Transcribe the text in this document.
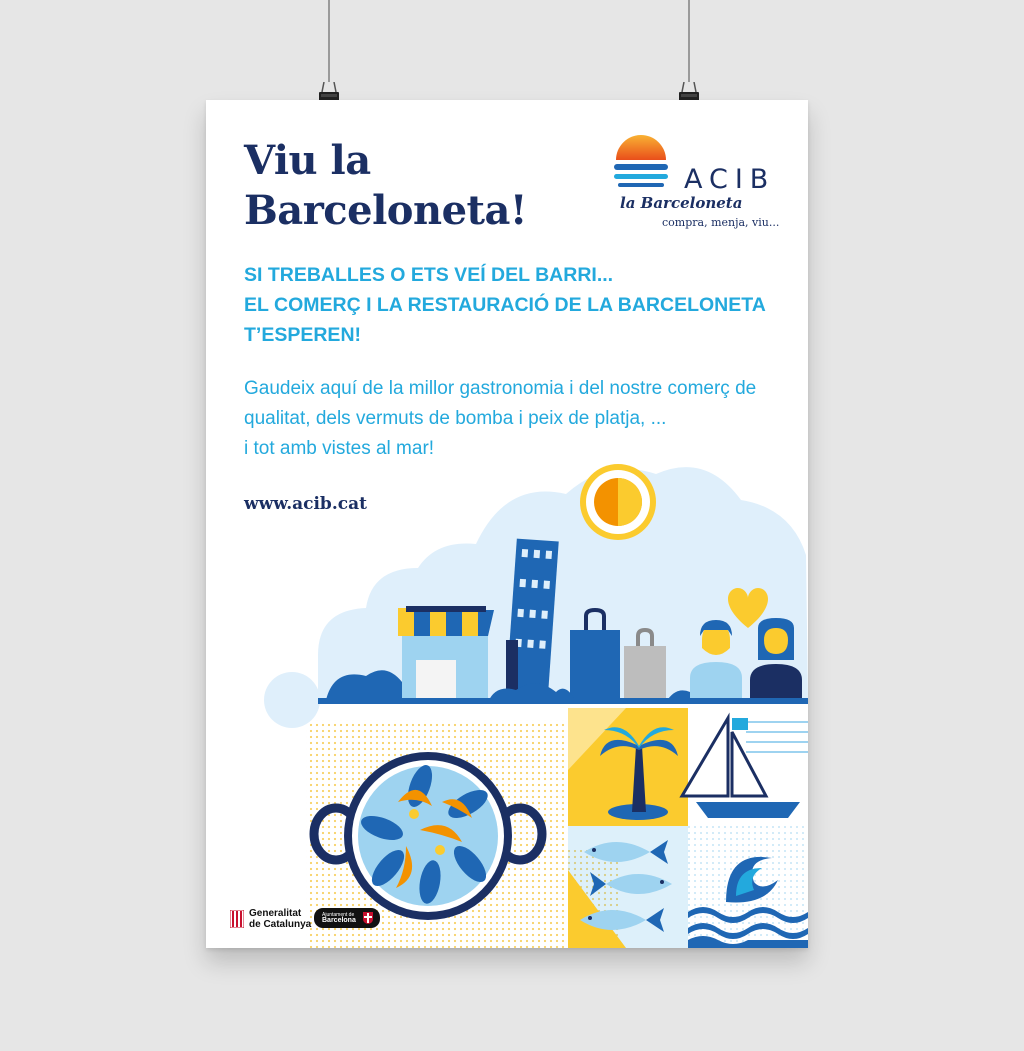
Viu la
Barceloneta!
ACIB
la Barceloneta
compra, menja, viu...
SI TREBALLES O ETS VEÍ DEL BARRI...
EL COMERÇ I LA RESTAURACIÓ DE LA BARCELONETA
T’ESPEREN!
Gaudeix aquí de la millor gastronomia i del nostre comerç de
qualitat, dels vermuts de bomba i peix de platja, ...
i tot amb vistes al mar!
www.acib.cat
Generalitat
de Catalunya
Ajuntament de
Barcelona
